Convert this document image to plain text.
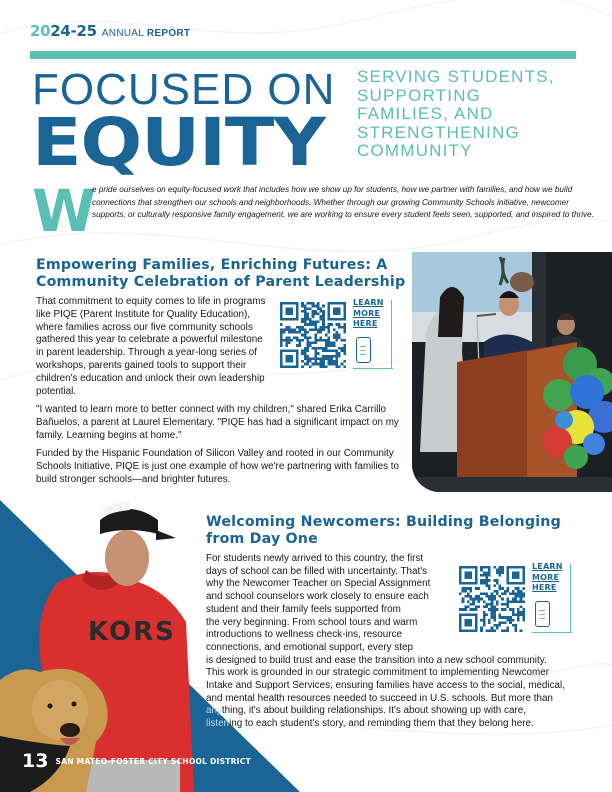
2024-25 ANNUAL REPORT
FOCUSED ON
EQUITY
SERVING STUDENTS,
SUPPORTING
FAMILIES, AND
STRENGTHENING
COMMUNITY
W

e pride ourselves on equity-focused work that includes how we show up for students, how we partner with families, and how we build connections that strengthen our schools and neighborhoods. Whether through our growing Community Schools initiative, newcomer supports, or culturally responsive family engagement, we are working to ensure every student feels seen, supported, and inspired to thrive.

Empowering Families, Enriching Futures: A Community Celebration of Parent Leadership

That commitment to equity comes to life in programs like PIQE (Parent Institute for Quality Education), where families across our five community schools gathered this year to celebrate a powerful milestone in parent leadership. Through a year-long series of workshops, parents gained tools to support their children's education and unlock their own leadership potential.

"I wanted to learn more to better connect with my children," shared Erika Carrillo Bañuelos, a parent at Laurel Elementary. "PIQE has had a significant impact on my family. Learning begins at home."

Funded by the Hispanic Foundation of Silicon Valley and rooted in our Community Schools Initiative, PIQE is just one example of how we're partnering with families to build stronger schools—and brighter futures.

LEARN
MORE
HERE
KORS
Welcoming Newcomers: Building Belonging from Day One
For students newly arrived to this country, the first
days of school can be filled with uncertainty. That's
why the Newcomer Teacher on Special Assignment
and school counselors work closely to ensure each
student and their family feels supported from
the very beginning. From school tours and warm
introductions to wellness check-ins, resource
connections, and emotional support, every step
is designed to build trust and ease the transition into a new school community.
This work is grounded in our strategic commitment to implementing Newcomer
Intake and Support Services, ensuring families have access to the social, medical,
and mental health resources needed to succeed in U.S. schools. But more than
anything, it's about building relationships. It's about showing up with care,
listening to each student's story, and reminding them that they belong here.
LEARN
MORE
HERE
13 SAN MATEO-FOSTER CITY SCHOOL DISTRICT
